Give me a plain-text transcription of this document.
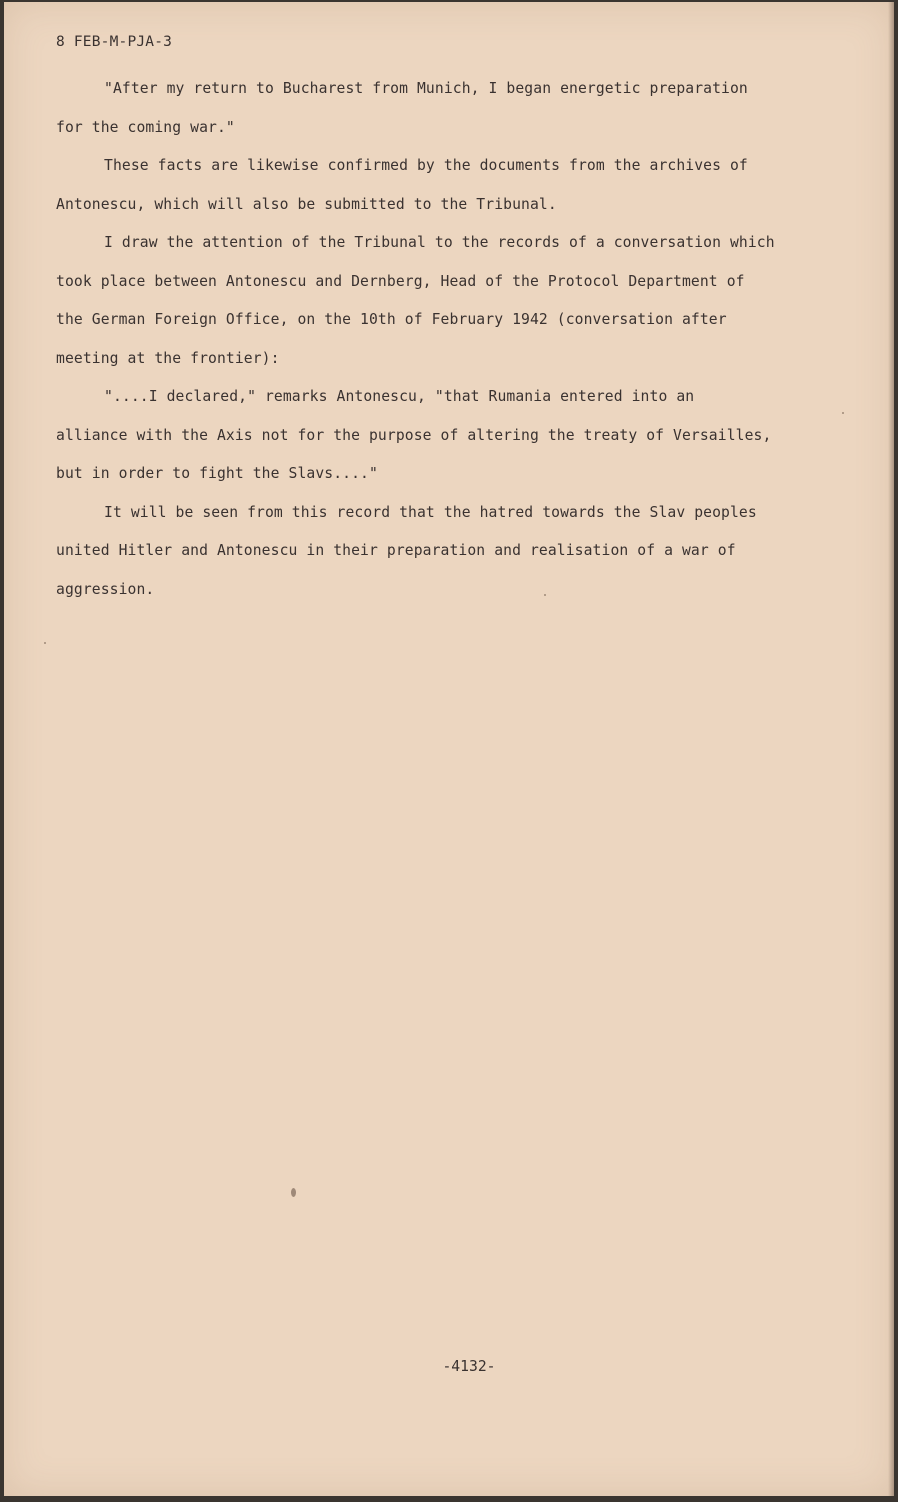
8 FEB-M-PJA-3
"After my return to Bucharest from Munich, I began energetic preparation
for the coming war."
These facts are likewise confirmed by the documents from the archives of
Antonescu, which will also be submitted to the Tribunal.
I draw the attention of the Tribunal to the records of a conversation which
took place between Antonescu and Dernberg, Head of the Protocol Department of
the German Foreign Office, on the 10th of February 1942 (conversation after
meeting at the frontier):
"....I declared," remarks Antonescu, "that Rumania entered into an
alliance with the Axis not for the purpose of altering the treaty of Versailles,
but in order to fight the Slavs...."
It will be seen from this record that the hatred towards the Slav peoples
united Hitler and Antonescu in their preparation and realisation of a war of
aggression.
-4132-
